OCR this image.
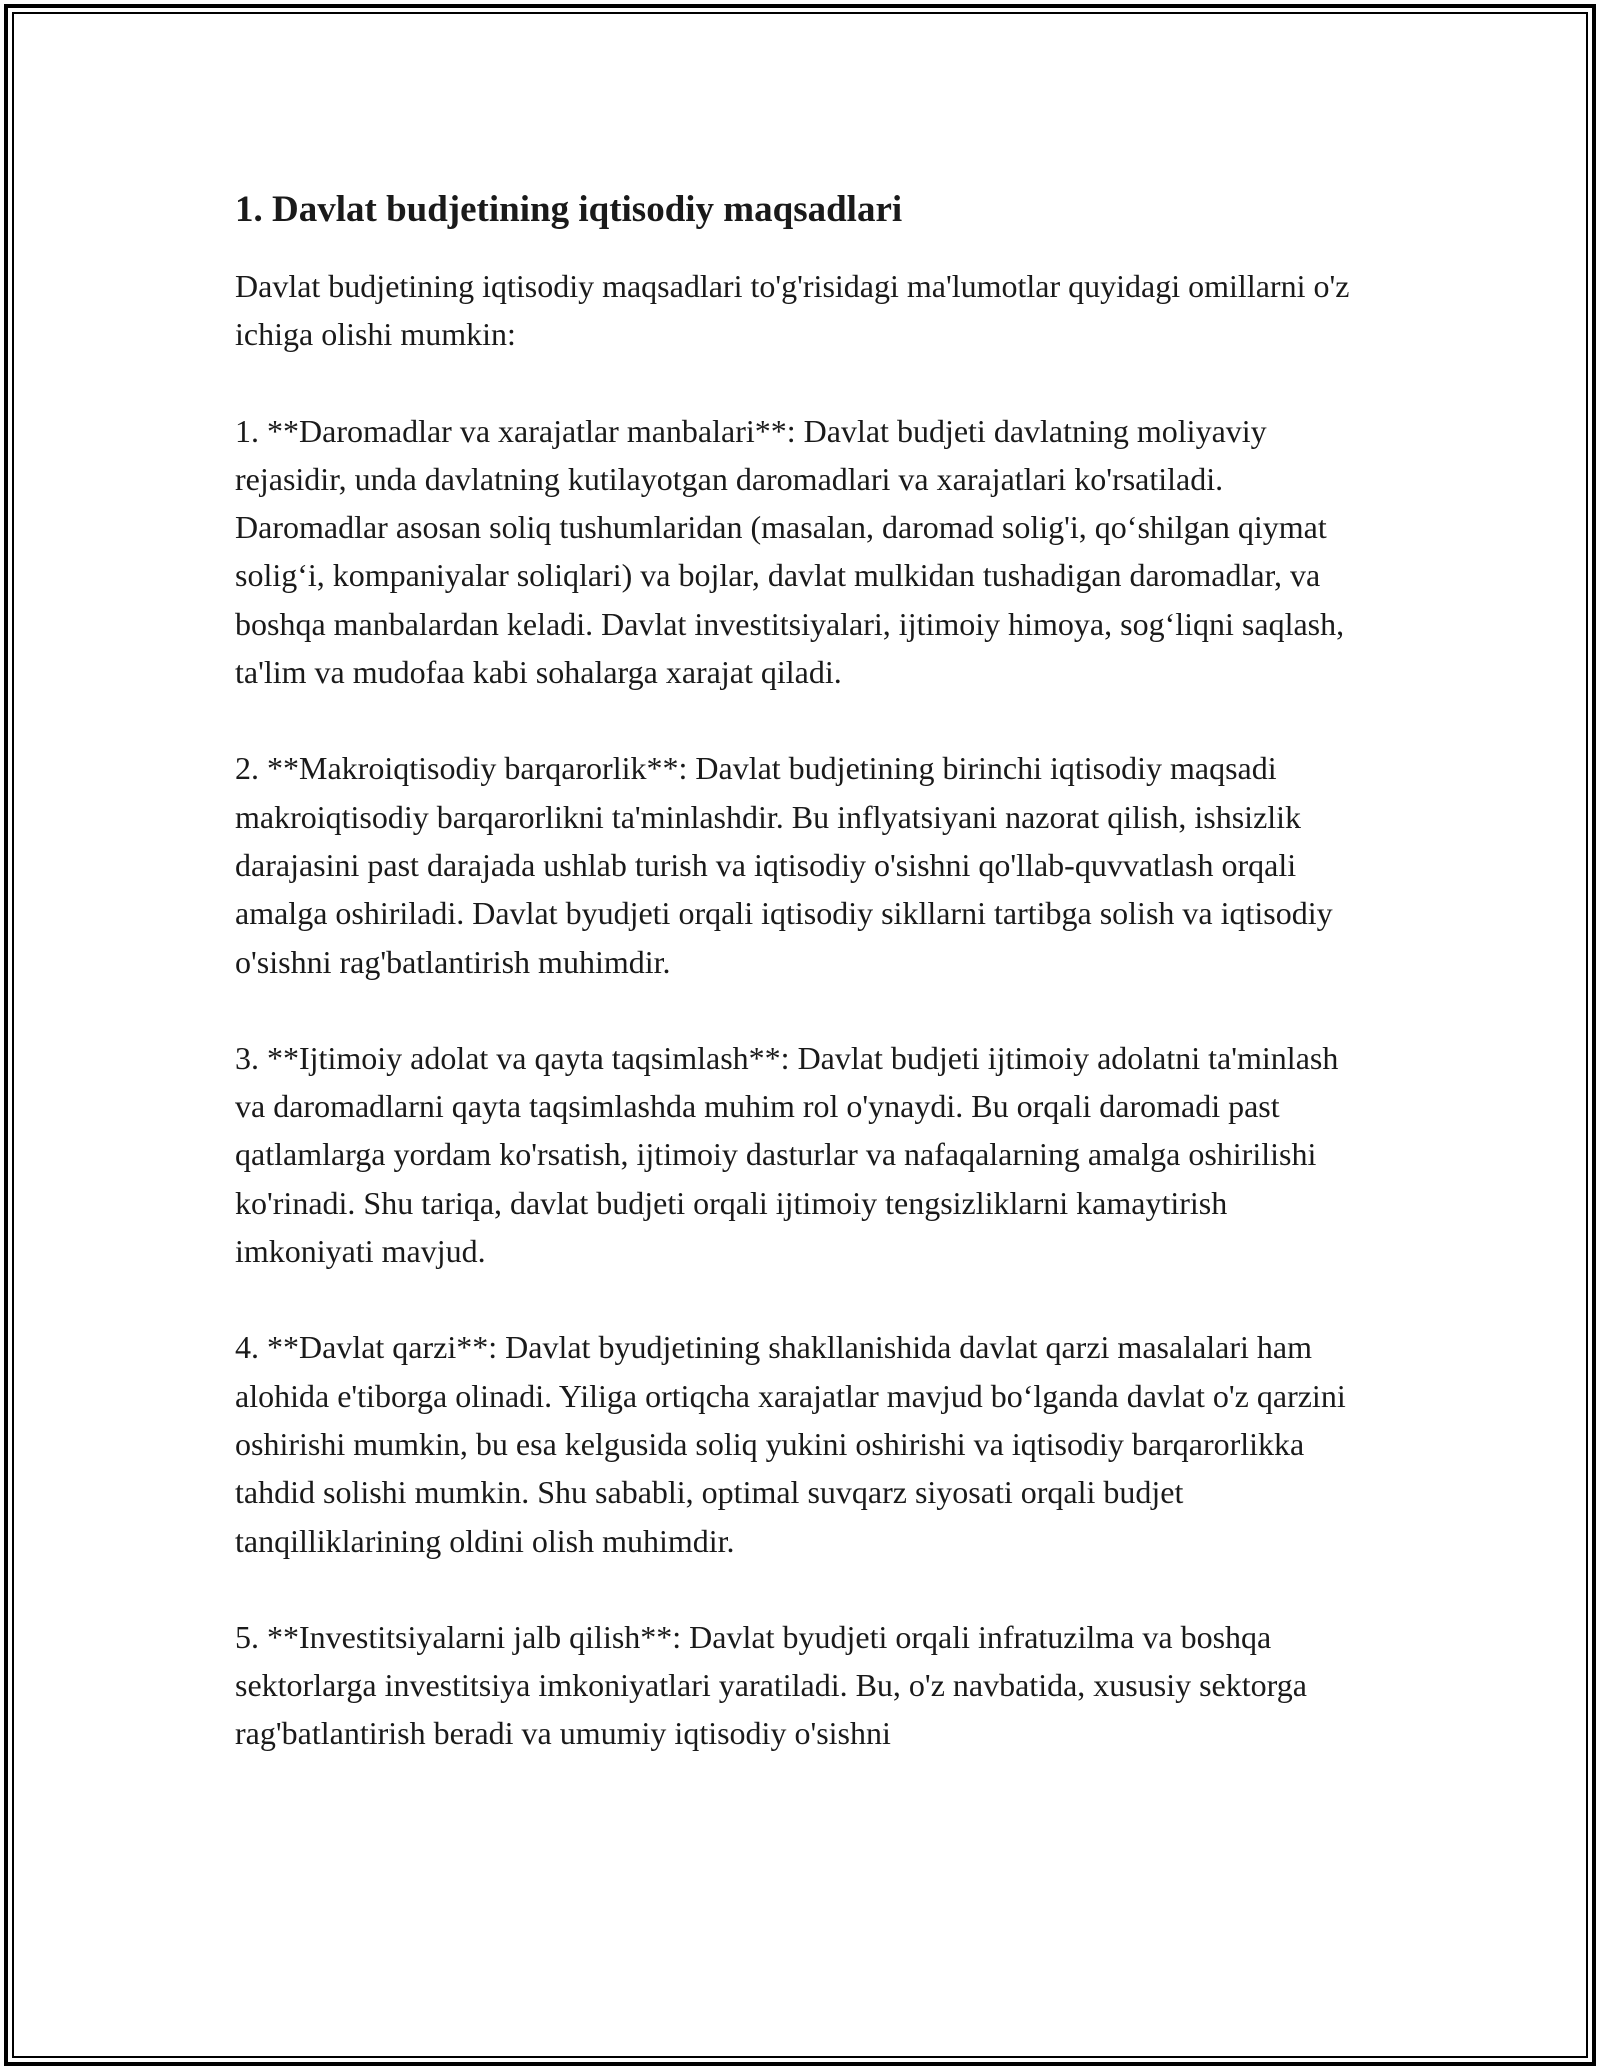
1. Davlat budjetining iqtisodiy maqsadlari

Davlat budjetining iqtisodiy maqsadlari to'g'risidagi ma'lumotlar quyidagi omillarni o'z ichiga olishi mumkin:

1. **Daromadlar va xarajatlar manbalari**: Davlat budjeti davlatning moliyaviy rejasidir, unda davlatning kutilayotgan daromadlari va xarajatlari ko'rsatiladi. Daromadlar asosan soliq tushumlaridan (masalan, daromad solig'i, qo‘shilgan qiymat solig‘i, kompaniyalar soliqlari) va bojlar, davlat mulkidan tushadigan daromadlar, va boshqa manbalardan keladi. Davlat investitsiyalari, ijtimoiy himoya, sog‘liqni saqlash, ta'lim va mudofaa kabi sohalarga xarajat qiladi.

2. **Makroiqtisodiy barqarorlik**: Davlat budjetining birinchi iqtisodiy maqsadi makroiqtisodiy barqarorlikni ta'minlashdir. Bu inflyatsiyani nazorat qilish, ishsizlik darajasini past darajada ushlab turish va iqtisodiy o'sishni qo'llab-quvvatlash orqali amalga oshiriladi. Davlat byudjeti orqali iqtisodiy sikllarni tartibga solish va iqtisodiy o'sishni rag'batlantirish muhimdir.

3. **Ijtimoiy adolat va qayta taqsimlash**: Davlat budjeti ijtimoiy adolatni ta'minlash va daromadlarni qayta taqsimlashda muhim rol o'ynaydi. Bu orqali daromadi past qatlamlarga yordam ko'rsatish, ijtimoiy dasturlar va nafaqalarning amalga oshirilishi ko'rinadi. Shu tariqa, davlat budjeti orqali ijtimoiy tengsizliklarni kamaytirish imkoniyati mavjud.

4. **Davlat qarzi**: Davlat byudjetining shakllanishida davlat qarzi masalalari ham alohida e'tiborga olinadi. Yiliga ortiqcha xarajatlar mavjud bo‘lganda davlat o'z qarzini oshirishi mumkin, bu esa kelgusida soliq yukini oshirishi va iqtisodiy barqarorlikka tahdid solishi mumkin. Shu sababli, optimal suvqarz siyosati orqali budjet tanqilliklarining oldini olish muhimdir.

5. **Investitsiyalarni jalb qilish**: Davlat byudjeti orqali infratuzilma va boshqa sektorlarga investitsiya imkoniyatlari yaratiladi. Bu, o'z navbatida, xususiy sektorga rag'batlantirish beradi va umumiy iqtisodiy o'sishni
